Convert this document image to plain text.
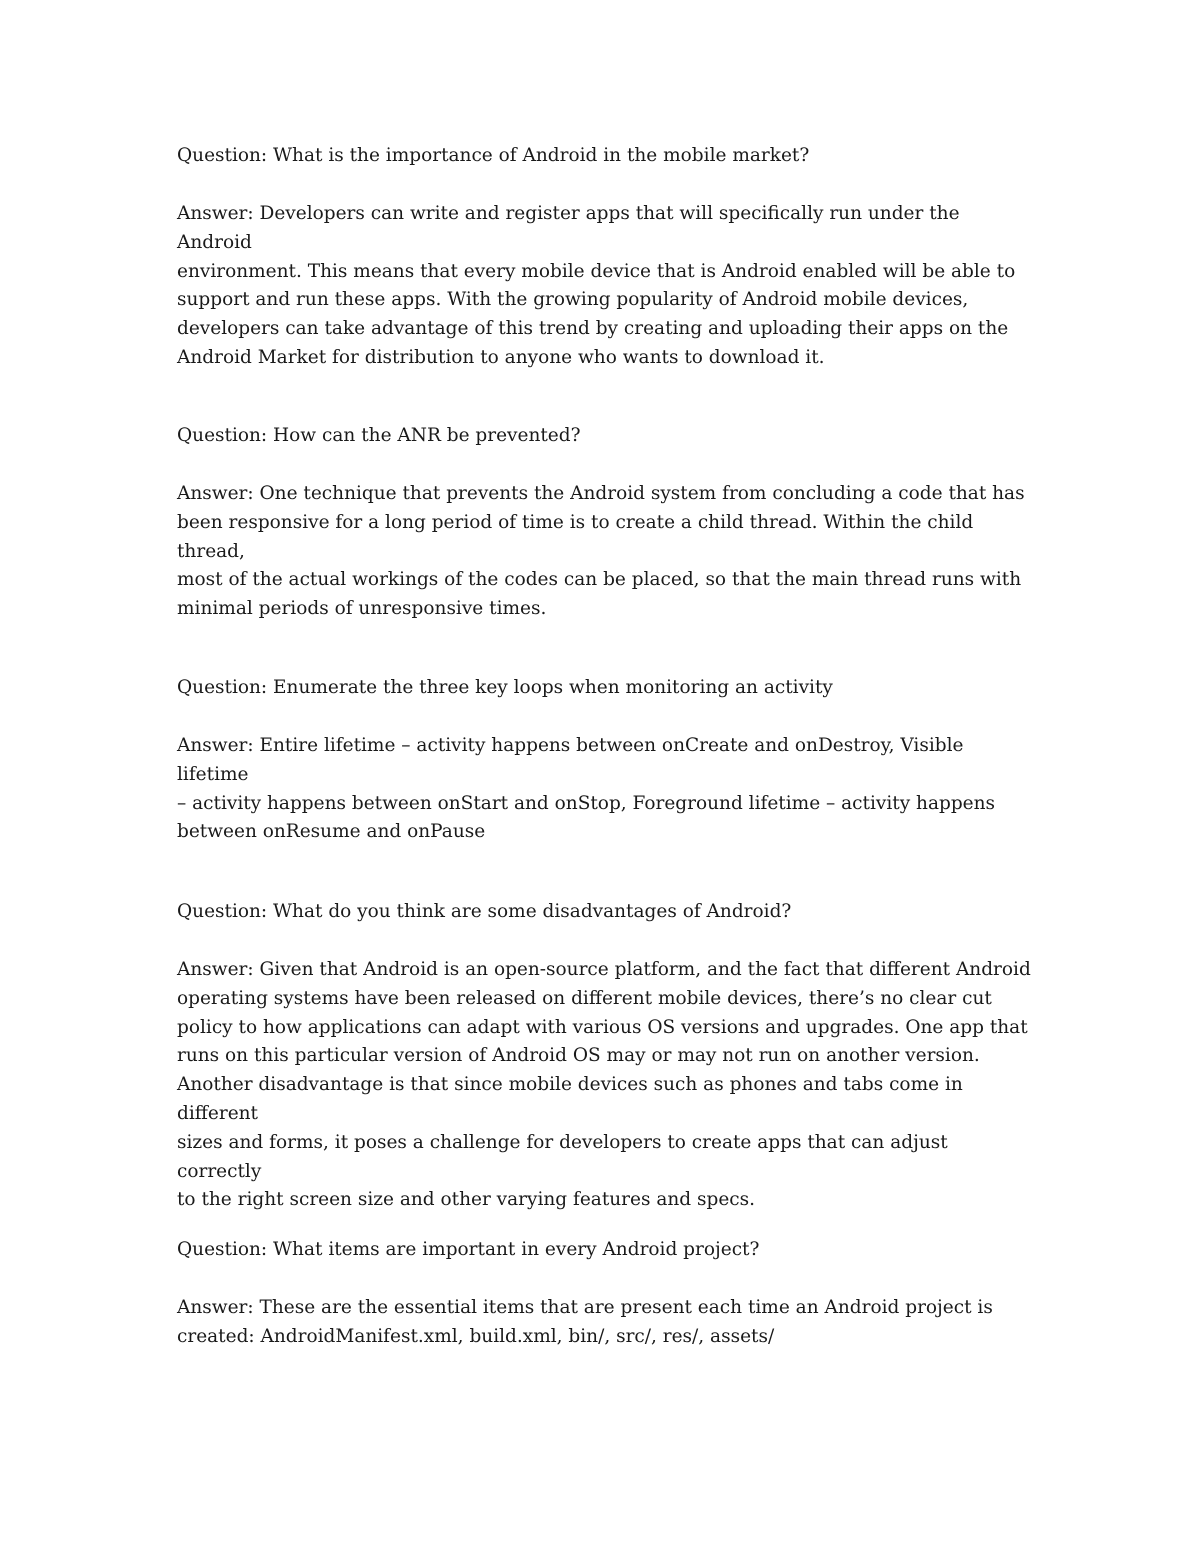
Question: What is the importance of Android in the mobile market?

Answer: Developers can write and register apps that will specifically run under the Android
environment. This means that every mobile device that is Android enabled will be able to
support and run these apps. With the growing popularity of Android mobile devices,
developers can take advantage of this trend by creating and uploading their apps on the
Android Market for distribution to anyone who wants to download it.

Question: How can the ANR be prevented?

Answer: One technique that prevents the Android system from concluding a code that has
been responsive for a long period of time is to create a child thread. Within the child thread,
most of the actual workings of the codes can be placed, so that the main thread runs with
minimal periods of unresponsive times.

Question: Enumerate the three key loops when monitoring an activity

Answer: Entire lifetime – activity happens between onCreate and onDestroy, Visible lifetime
– activity happens between onStart and onStop, Foreground lifetime – activity happens
between onResume and onPause

Question: What do you think are some disadvantages of Android?

Answer: Given that Android is an open-source platform, and the fact that different Android
operating systems have been released on different mobile devices, there’s no clear cut
policy to how applications can adapt with various OS versions and upgrades. One app that
runs on this particular version of Android OS may or may not run on another version.
Another disadvantage is that since mobile devices such as phones and tabs come in different
sizes and forms, it poses a challenge for developers to create apps that can adjust correctly
to the right screen size and other varying features and specs.

Question: What items are important in every Android project?

Answer: These are the essential items that are present each time an Android project is
created: AndroidManifest.xml, build.xml, bin/, src/, res/, assets/
